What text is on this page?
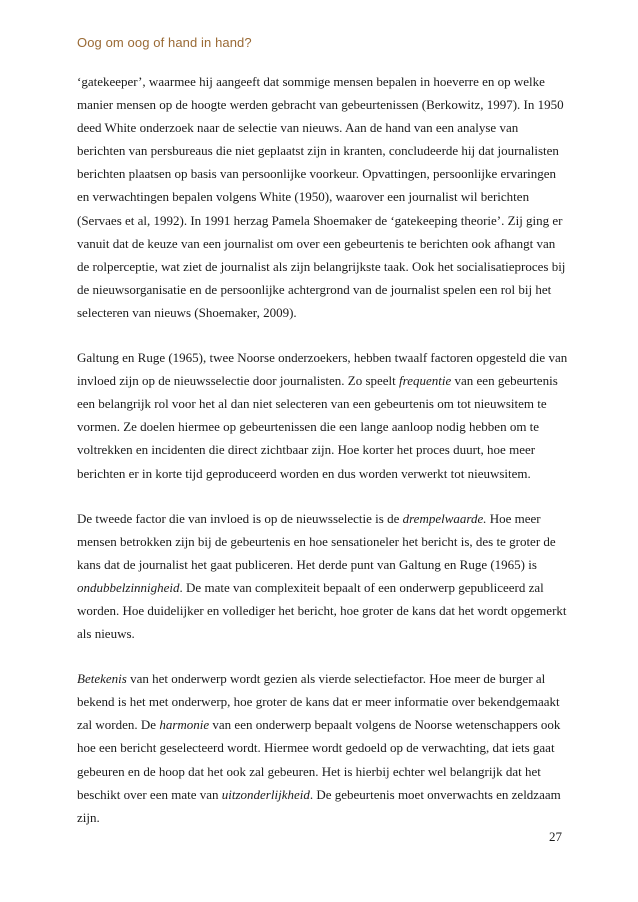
Oog om oog of hand in hand?
‘gatekeeper’, waarmee hij aangeeft dat sommige mensen bepalen in hoeverre en op welke
manier mensen op de hoogte werden gebracht van gebeurtenissen (Berkowitz, 1997). In 1950
deed White onderzoek naar de selectie van nieuws. Aan de hand van een analyse van
berichten van persbureaus die niet geplaatst zijn in kranten, concludeerde hij dat journalisten
berichten plaatsen op basis van persoonlijke voorkeur. Opvattingen, persoonlijke ervaringen
en verwachtingen bepalen volgens White (1950), waarover een journalist wil berichten
(Servaes et al, 1992). In 1991 herzag Pamela Shoemaker de ‘gatekeeping theorie’. Zij ging er
vanuit dat de keuze van een journalist om over een gebeurtenis te berichten ook afhangt van
de rolperceptie, wat ziet de journalist als zijn belangrijkste taak. Ook het socialisatieproces bij
de nieuwsorganisatie en de persoonlijke achtergrond van de journalist spelen een rol bij het
selecteren van nieuws (Shoemaker, 2009).
Galtung en Ruge (1965), twee Noorse onderzoekers, hebben twaalf factoren opgesteld die van
invloed zijn op de nieuwsselectie door journalisten. Zo speelt frequentie van een gebeurtenis
een belangrijk rol voor het al dan niet selecteren van een gebeurtenis om tot nieuwsitem te
vormen. Ze doelen hiermee op gebeurtenissen die een lange aanloop nodig hebben om te
voltrekken en incidenten die direct zichtbaar zijn. Hoe korter het proces duurt, hoe meer
berichten er in korte tijd geproduceerd worden en dus worden verwerkt tot nieuwsitem.
De tweede factor die van invloed is op de nieuwsselectie is de drempelwaarde. Hoe meer
mensen betrokken zijn bij de gebeurtenis en hoe sensationeler het bericht is, des te groter de
kans dat de journalist het gaat publiceren. Het derde punt van Galtung en Ruge (1965) is
ondubbelzinnigheid. De mate van complexiteit bepaalt of een onderwerp gepubliceerd zal
worden. Hoe duidelijker en vollediger het bericht, hoe groter de kans dat het wordt opgemerkt
als nieuws.
Betekenis van het onderwerp wordt gezien als vierde selectiefactor. Hoe meer de burger al
bekend is het met onderwerp, hoe groter de kans dat er meer informatie over bekendgemaakt
zal worden. De harmonie van een onderwerp bepaalt volgens de Noorse wetenschappers ook
hoe een bericht geselecteerd wordt. Hiermee wordt gedoeld op de verwachting, dat iets gaat
gebeuren en de hoop dat het ook zal gebeuren. Het is hierbij echter wel belangrijk dat het
beschikt over een mate van uitzonderlijkheid. De gebeurtenis moet onverwachts en zeldzaam
zijn.
27
